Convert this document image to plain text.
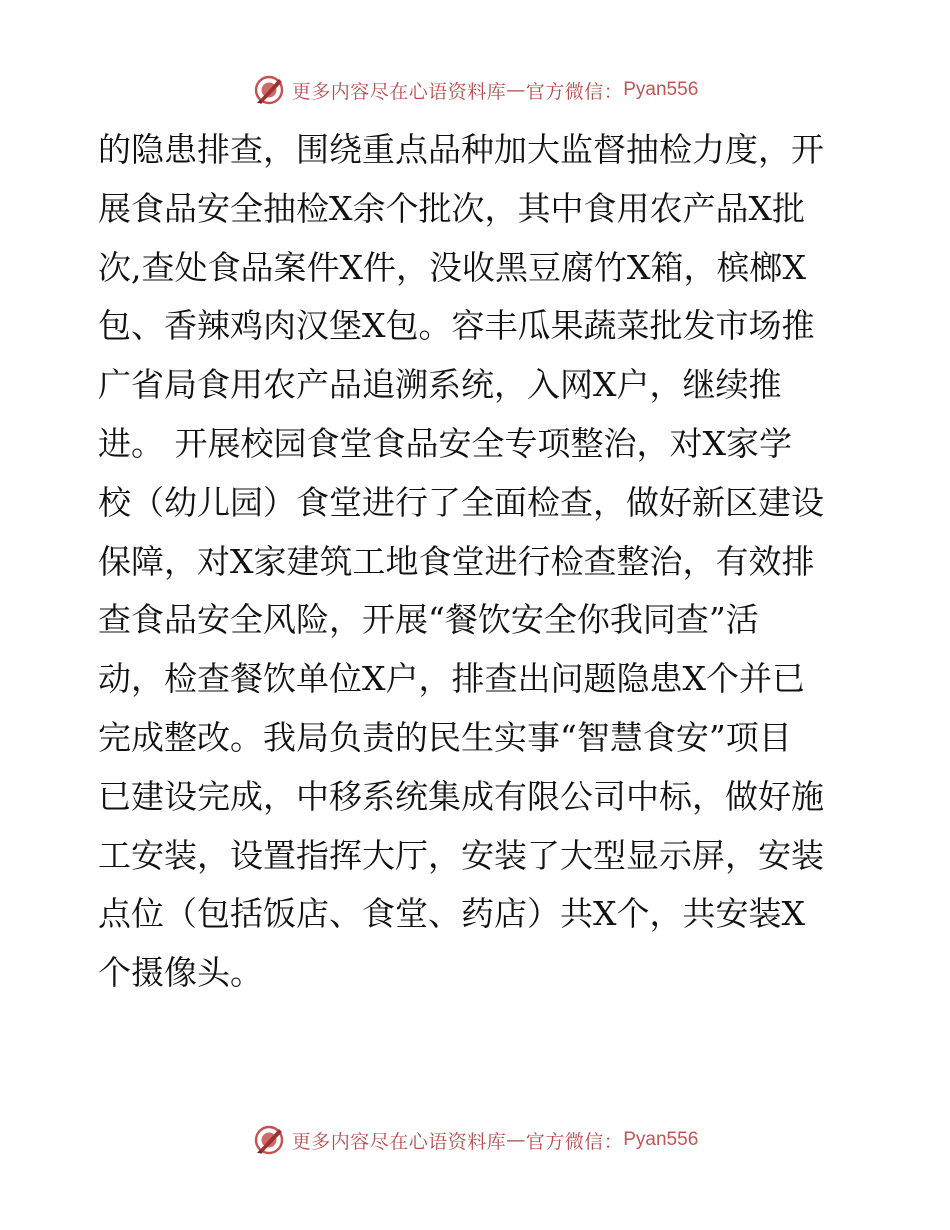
更多内容尽在心语资料库 — 官方微信： Pyan556
的隐患排查，围绕重点品种加大监督抽检力度，开
展食品安全抽检X余个批次，其中食用农产品X批
次,查处食品案件X件，没收黑豆腐竹X箱，槟榔X
包、香辣鸡肉汉堡X包。容丰瓜果蔬菜批发市场推
广省局食用农产品追溯系统，入网X户，继续推
进。 开展校园食堂食品安全专项整治，对X家学
校（幼儿园）食堂进行了全面检查，做好新区建设
保障，对X家建筑工地食堂进行检查整治，有效排
查食品安全风险，开展“餐饮安全你我同查”活
动，检查餐饮单位X户，排查出问题隐患X个并已
完成整改。我局负责的民生实事“智慧食安”项目
已建设完成，中移系统集成有限公司中标，做好施
工安装，设置指挥大厅，安装了大型显示屏，安装
点位（包括饭店、食堂、药店）共X个，共安装X
个摄像头。
更多内容尽在心语资料库 — 官方微信： Pyan556
